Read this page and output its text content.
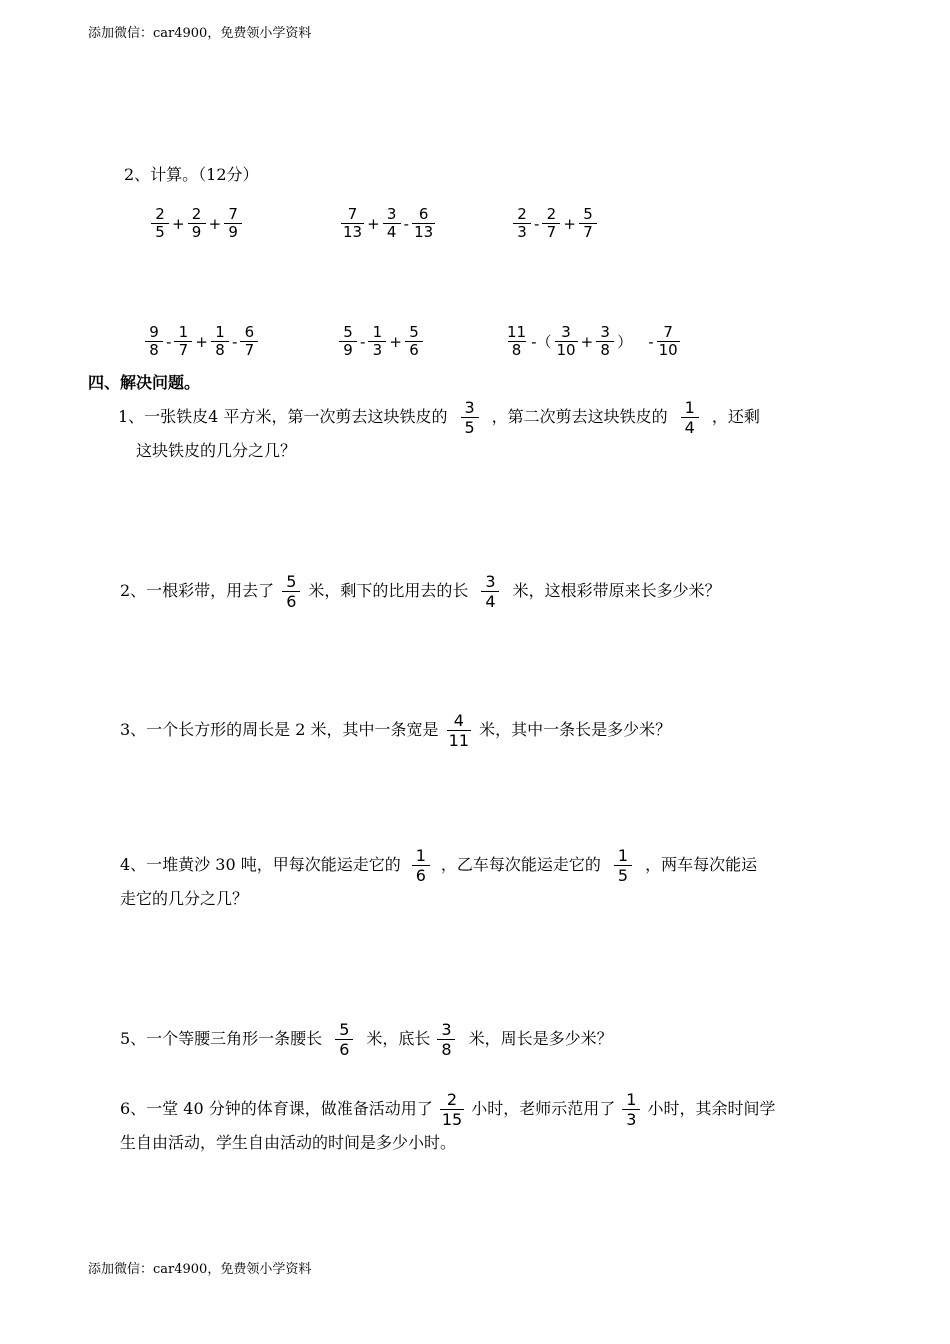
添加微信：car4900，免费领小学资料
2、计算。（12分）
$\frac{2}{5} + \frac{2}{9} + \frac{7}{9}$	$\frac{7}{13} + \frac{3}{4} - \frac{6}{13}$	$\frac{2}{3} - \frac{2}{7} + \frac{5}{7}$
$\frac{9}{8} - \frac{1}{7} + \frac{1}{8} - \frac{6}{7}$	$\frac{5}{9} - \frac{1}{3} + \frac{5}{6}$	$\frac{11}{8}$ -（ $\frac{3}{10} + \frac{3}{8}$ ） - $\frac{7}{10}$
四、解决问题。
1、一张铁皮4 平方米，第一次剪去这块铁皮的 $\frac{3}{5}$ ，第二次剪去这块铁皮的 $\frac{1}{4}$ ，还剩
这块铁皮的几分之几？
2、一根彩带，用去了 $\frac{5}{6}$ 米，剩下的比用去的长 $\frac{3}{4}$ 米，这根彩带原来长多少米？
3、一个长方形的周长是 2 米，其中一条宽是 $\frac{4}{11}$ 米，其中一条长是多少米？
4、一堆黄沙 30 吨，甲每次能运走它的 $\frac{1}{6}$ ，乙车每次能运走它的 $\frac{1}{5}$ ，两车每次能运
走它的几分之几？
5、一个等腰三角形一条腰长 $\frac{5}{6}$ 米，底长 $\frac{3}{8}$ 米，周长是多少米？
6、一堂 40 分钟的体育课，做准备活动用了 $\frac{2}{15}$ 小时，老师示范用了 $\frac{1}{3}$ 小时，其余时间学
生自由活动，学生自由活动的时间是多少小时。
添加微信：car4900，免费领小学资料
